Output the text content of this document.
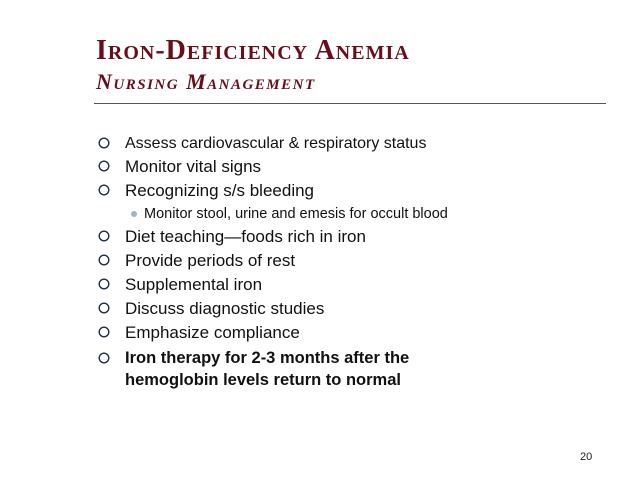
Iron-Deficiency Anemia

Nursing Management

Assess cardiovascular & respiratory status
Monitor vital signs
Recognizing s/s bleeding
Monitor stool, urine and emesis for occult blood
Diet teaching—foods rich in iron
Provide periods of rest
Supplemental iron
Discuss diagnostic studies
Emphasize compliance
Iron therapy for 2-3 months after the
hemoglobin levels return to normal
20
